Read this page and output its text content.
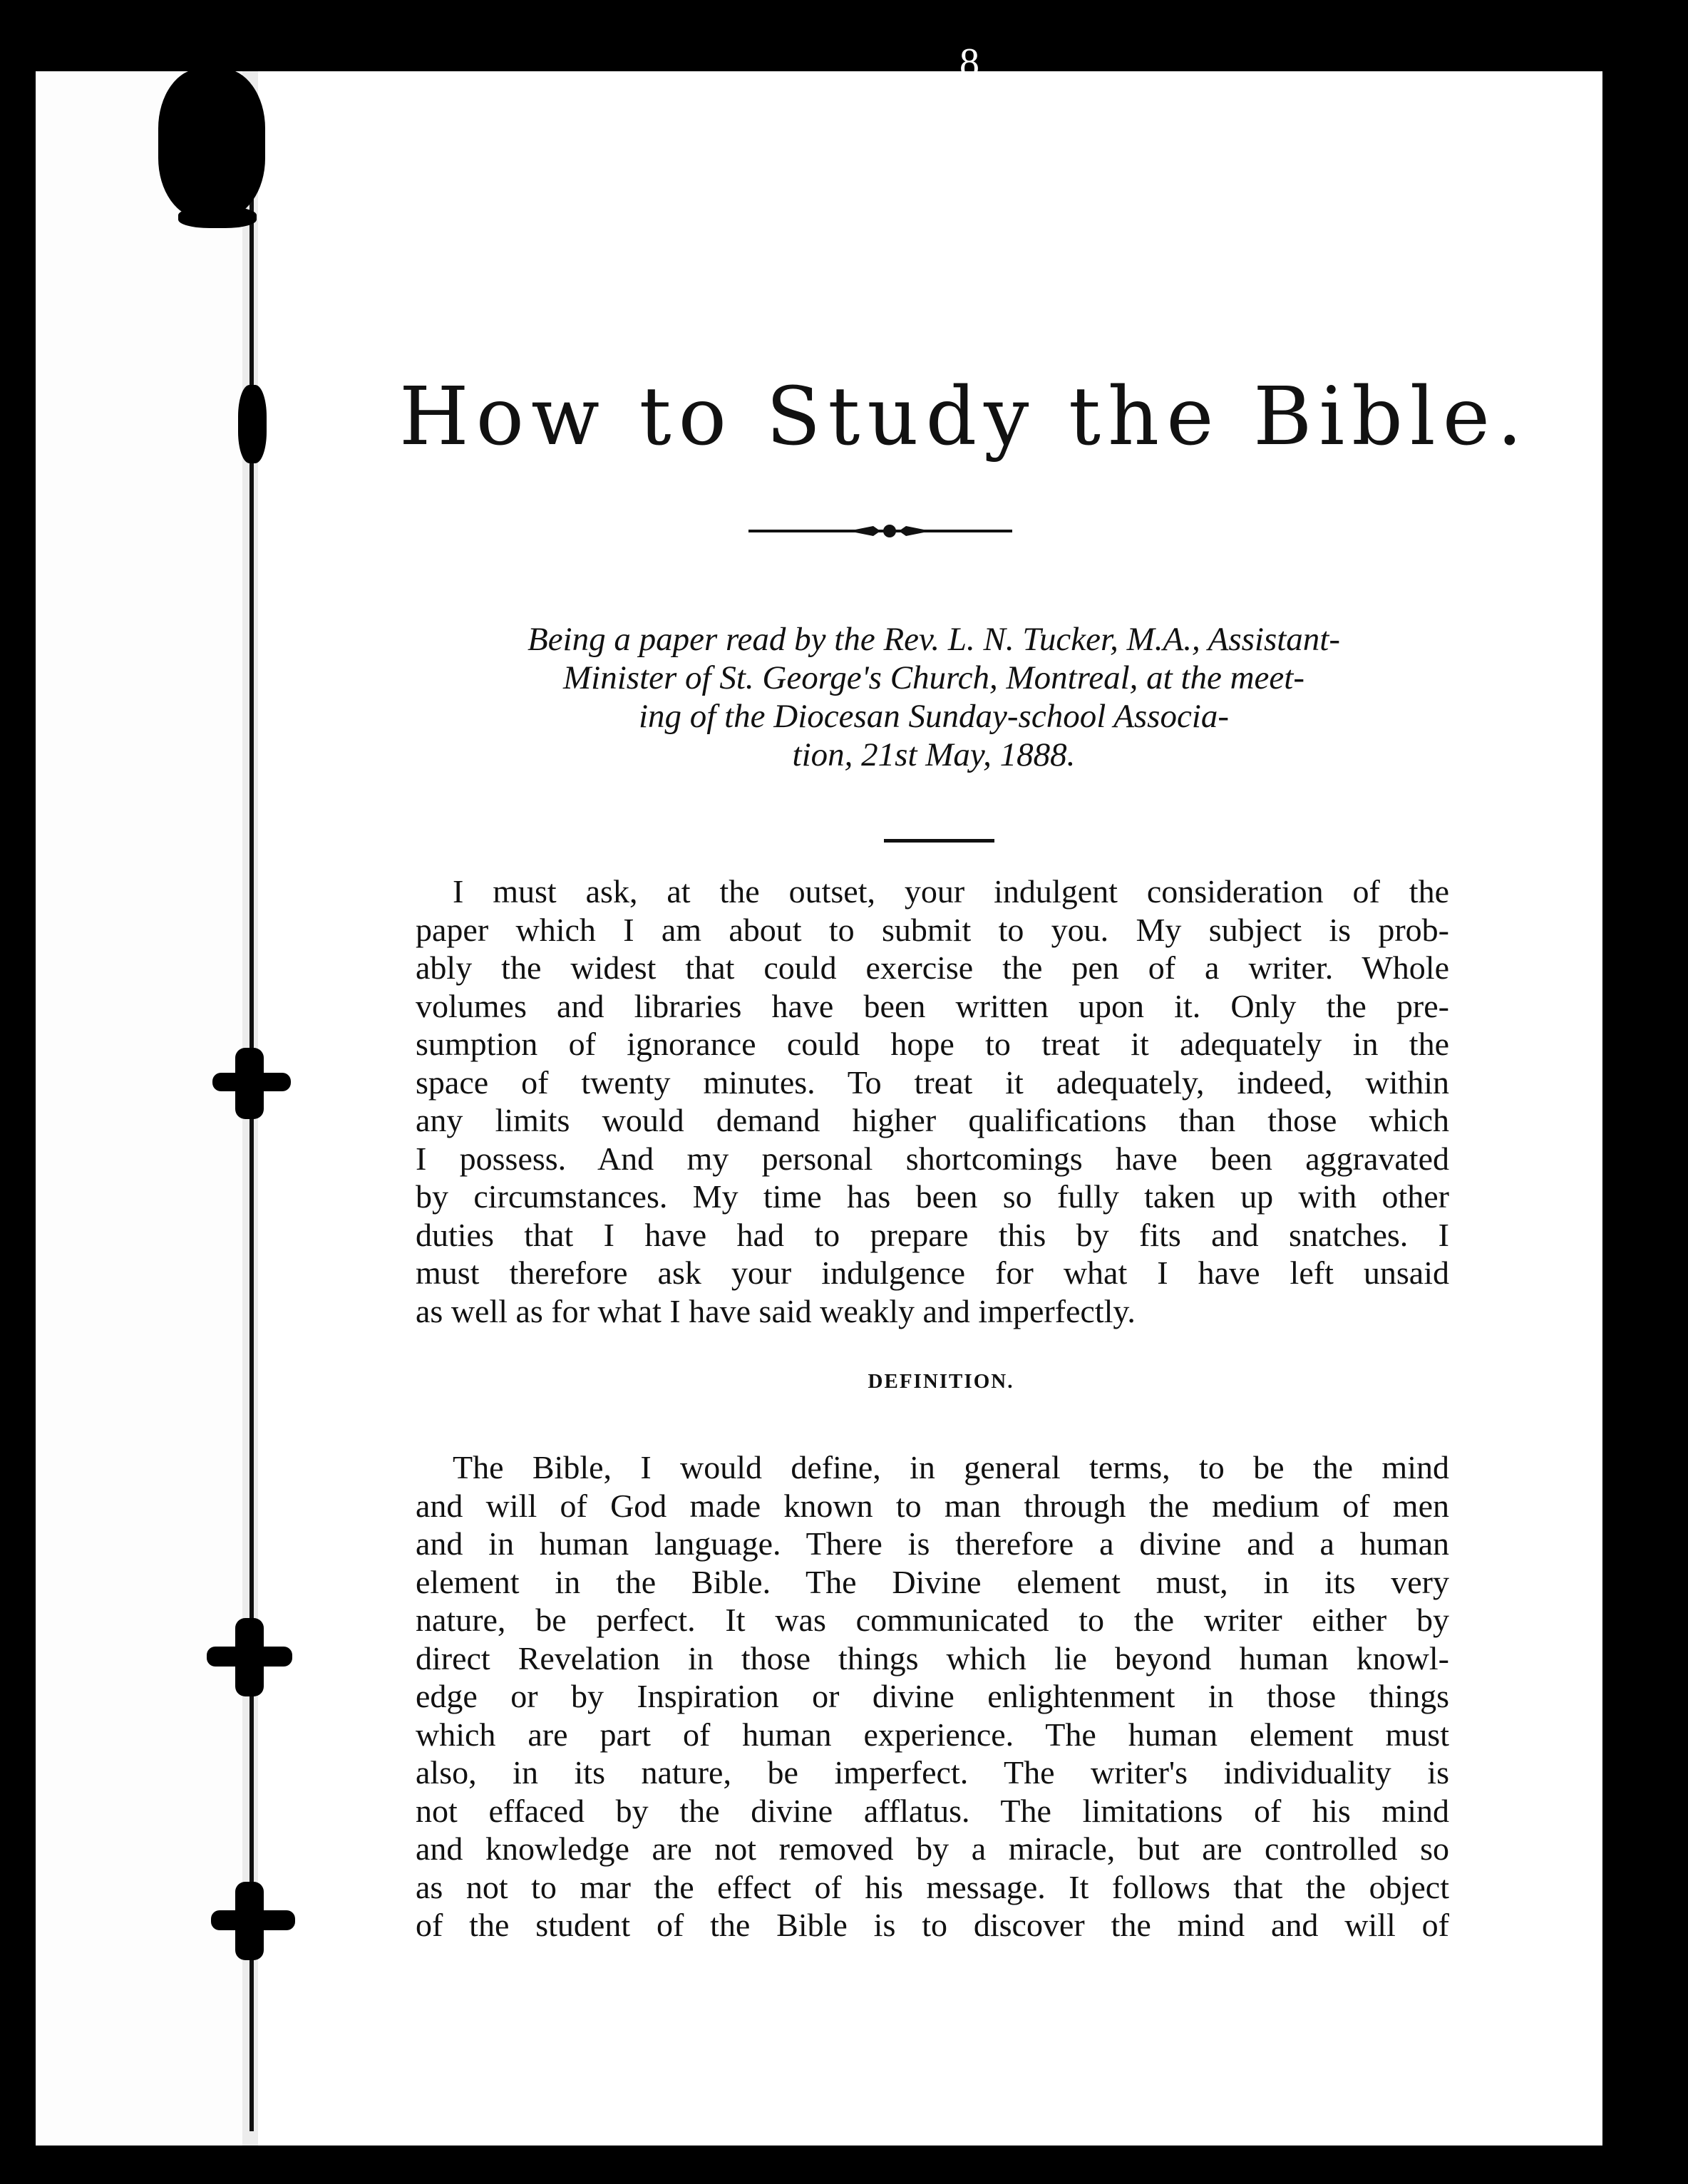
8
How to Study the Bible.
Being a paper read by the Rev. L. N. Tucker, M.A., Assistant-
Minister of St. George's Church, Montreal, at the meet-
ing of the Diocesan Sunday-school Associa-
tion, 21st May, 1888.
I must ask, at the outset, your indulgent consideration of the
paper which I am about to submit to you. My subject is prob-
ably the widest that could exercise the pen of a writer. Whole
volumes and libraries have been written upon it. Only the pre-
sumption of ignorance could hope to treat it adequately in the
space of twenty minutes. To treat it adequately, indeed, within
any limits would demand higher qualifications than those which
I possess. And my personal shortcomings have been aggravated
by circumstances. My time has been so fully taken up with other
duties that I have had to prepare this by fits and snatches. I
must therefore ask your indulgence for what I have left unsaid
as well as for what I have said weakly and imperfectly.
DEFINITION.
The Bible, I would define, in general terms, to be the mind
and will of God made known to man through the medium of men
and in human language. There is therefore a divine and a human
element in the Bible. The Divine element must, in its very
nature, be perfect. It was communicated to the writer either by
direct Revelation in those things which lie beyond human knowl-
edge or by Inspiration or divine enlightenment in those things
which are part of human experience. The human element must
also, in its nature, be imperfect. The writer's individuality is
not effaced by the divine afflatus. The limitations of his mind
and knowledge are not removed by a miracle, but are controlled so
as not to mar the effect of his message. It follows that the object
of the student of the Bible is to discover the mind and will of
